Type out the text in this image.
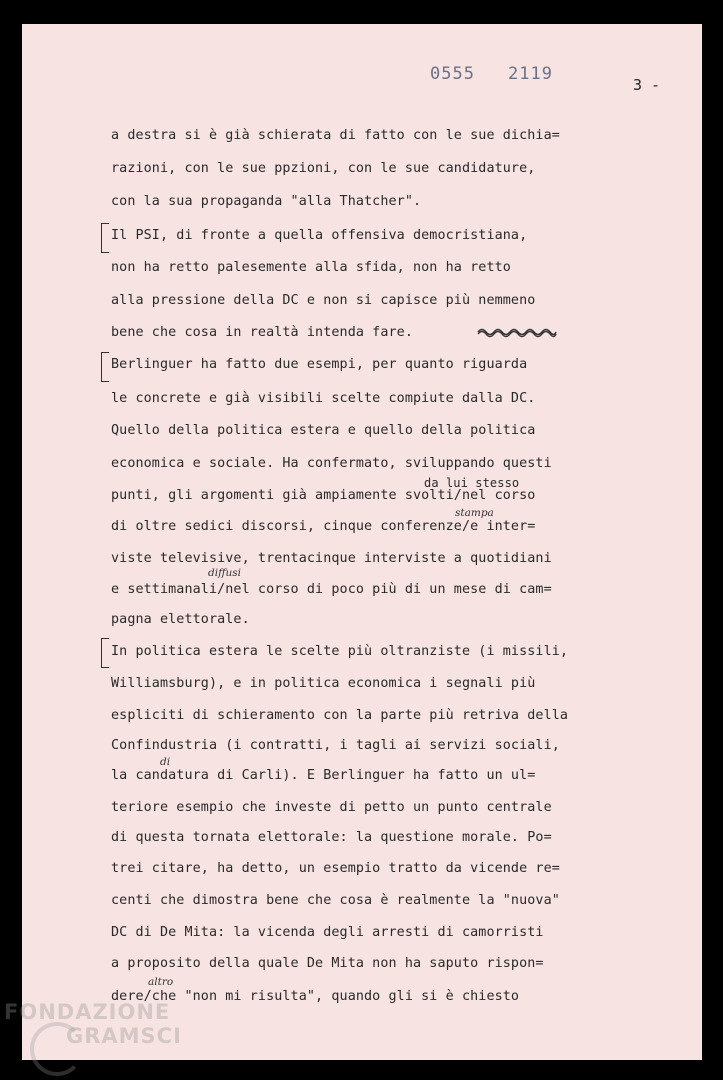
0555 2119
3 -
a destra si è già schierata di fatto con le sue dichia=
razioni, con le sue ppzioni, con le sue candidature,
con la sua propaganda "alla Thatcher".
Il PSI, di fronte a quella offensiva democristiana,
non ha retto palesemente alla sfida, non ha retto
alla pressione della DC e non si capisce più nemmeno
bene che cosa in realtà intenda fare.
Berlinguer ha fatto due esempi, per quanto riguarda
le concrete e già visibili scelte compiute dalla DC.
Quello della politica estera e quello della politica
economica e sociale. Ha confermato, sviluppando questi
punti, gli argomenti già ampiamente svolti/nel corso
di oltre sedici discorsi, cinque conferenze/e inter=
viste televisive, trentacinque interviste a quotidiani
e settimanali/nel corso di poco più di un mese di cam=
pagna elettorale.
In politica estera le scelte più oltranziste (i missili,
Williamsburg), e in politica economica i segnali più
espliciti di schieramento con la parte più retriva della
Confindustria (i contratti, i tagli ai servizi sociali,
la candatura di Carli). E Berlinguer ha fatto un ul=
teriore esempio che investe di petto un punto centrale
di questa tornata elettorale: la questione morale. Po=
trei citare, ha detto, un esempio tratto da vicende re=
centi che dimostra bene che cosa è realmente la "nuova"
DC di De Mita: la vicenda degli arresti di camorristi
a proposito della quale De Mita non ha saputo rispon=
dere/che "non mi risulta", quando gli si è chiesto
da lui stesso
stampa
diffusi
di
altro
FONDAZIONE
GRAMSCI
